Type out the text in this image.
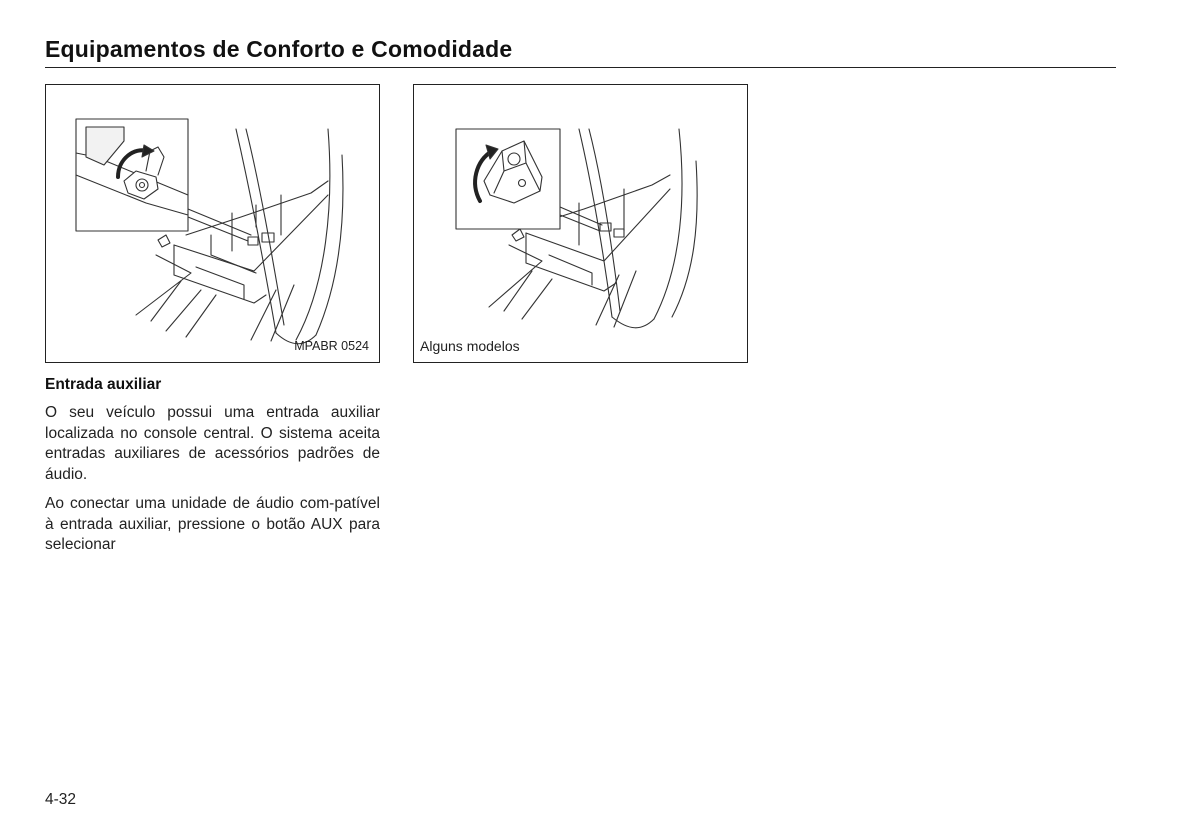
Equipamentos de Conforto e Comodidade
MPABR 0524	Alguns modelos
Entrada auxiliar

O seu veículo possui uma entrada auxiliar localizada no console central. O sistema aceita entradas auxiliares de acessórios padrões de áudio.

Ao conectar uma unidade de áudio com-patível à entrada auxiliar, pressione o botão AUX para selecionar

4-32
